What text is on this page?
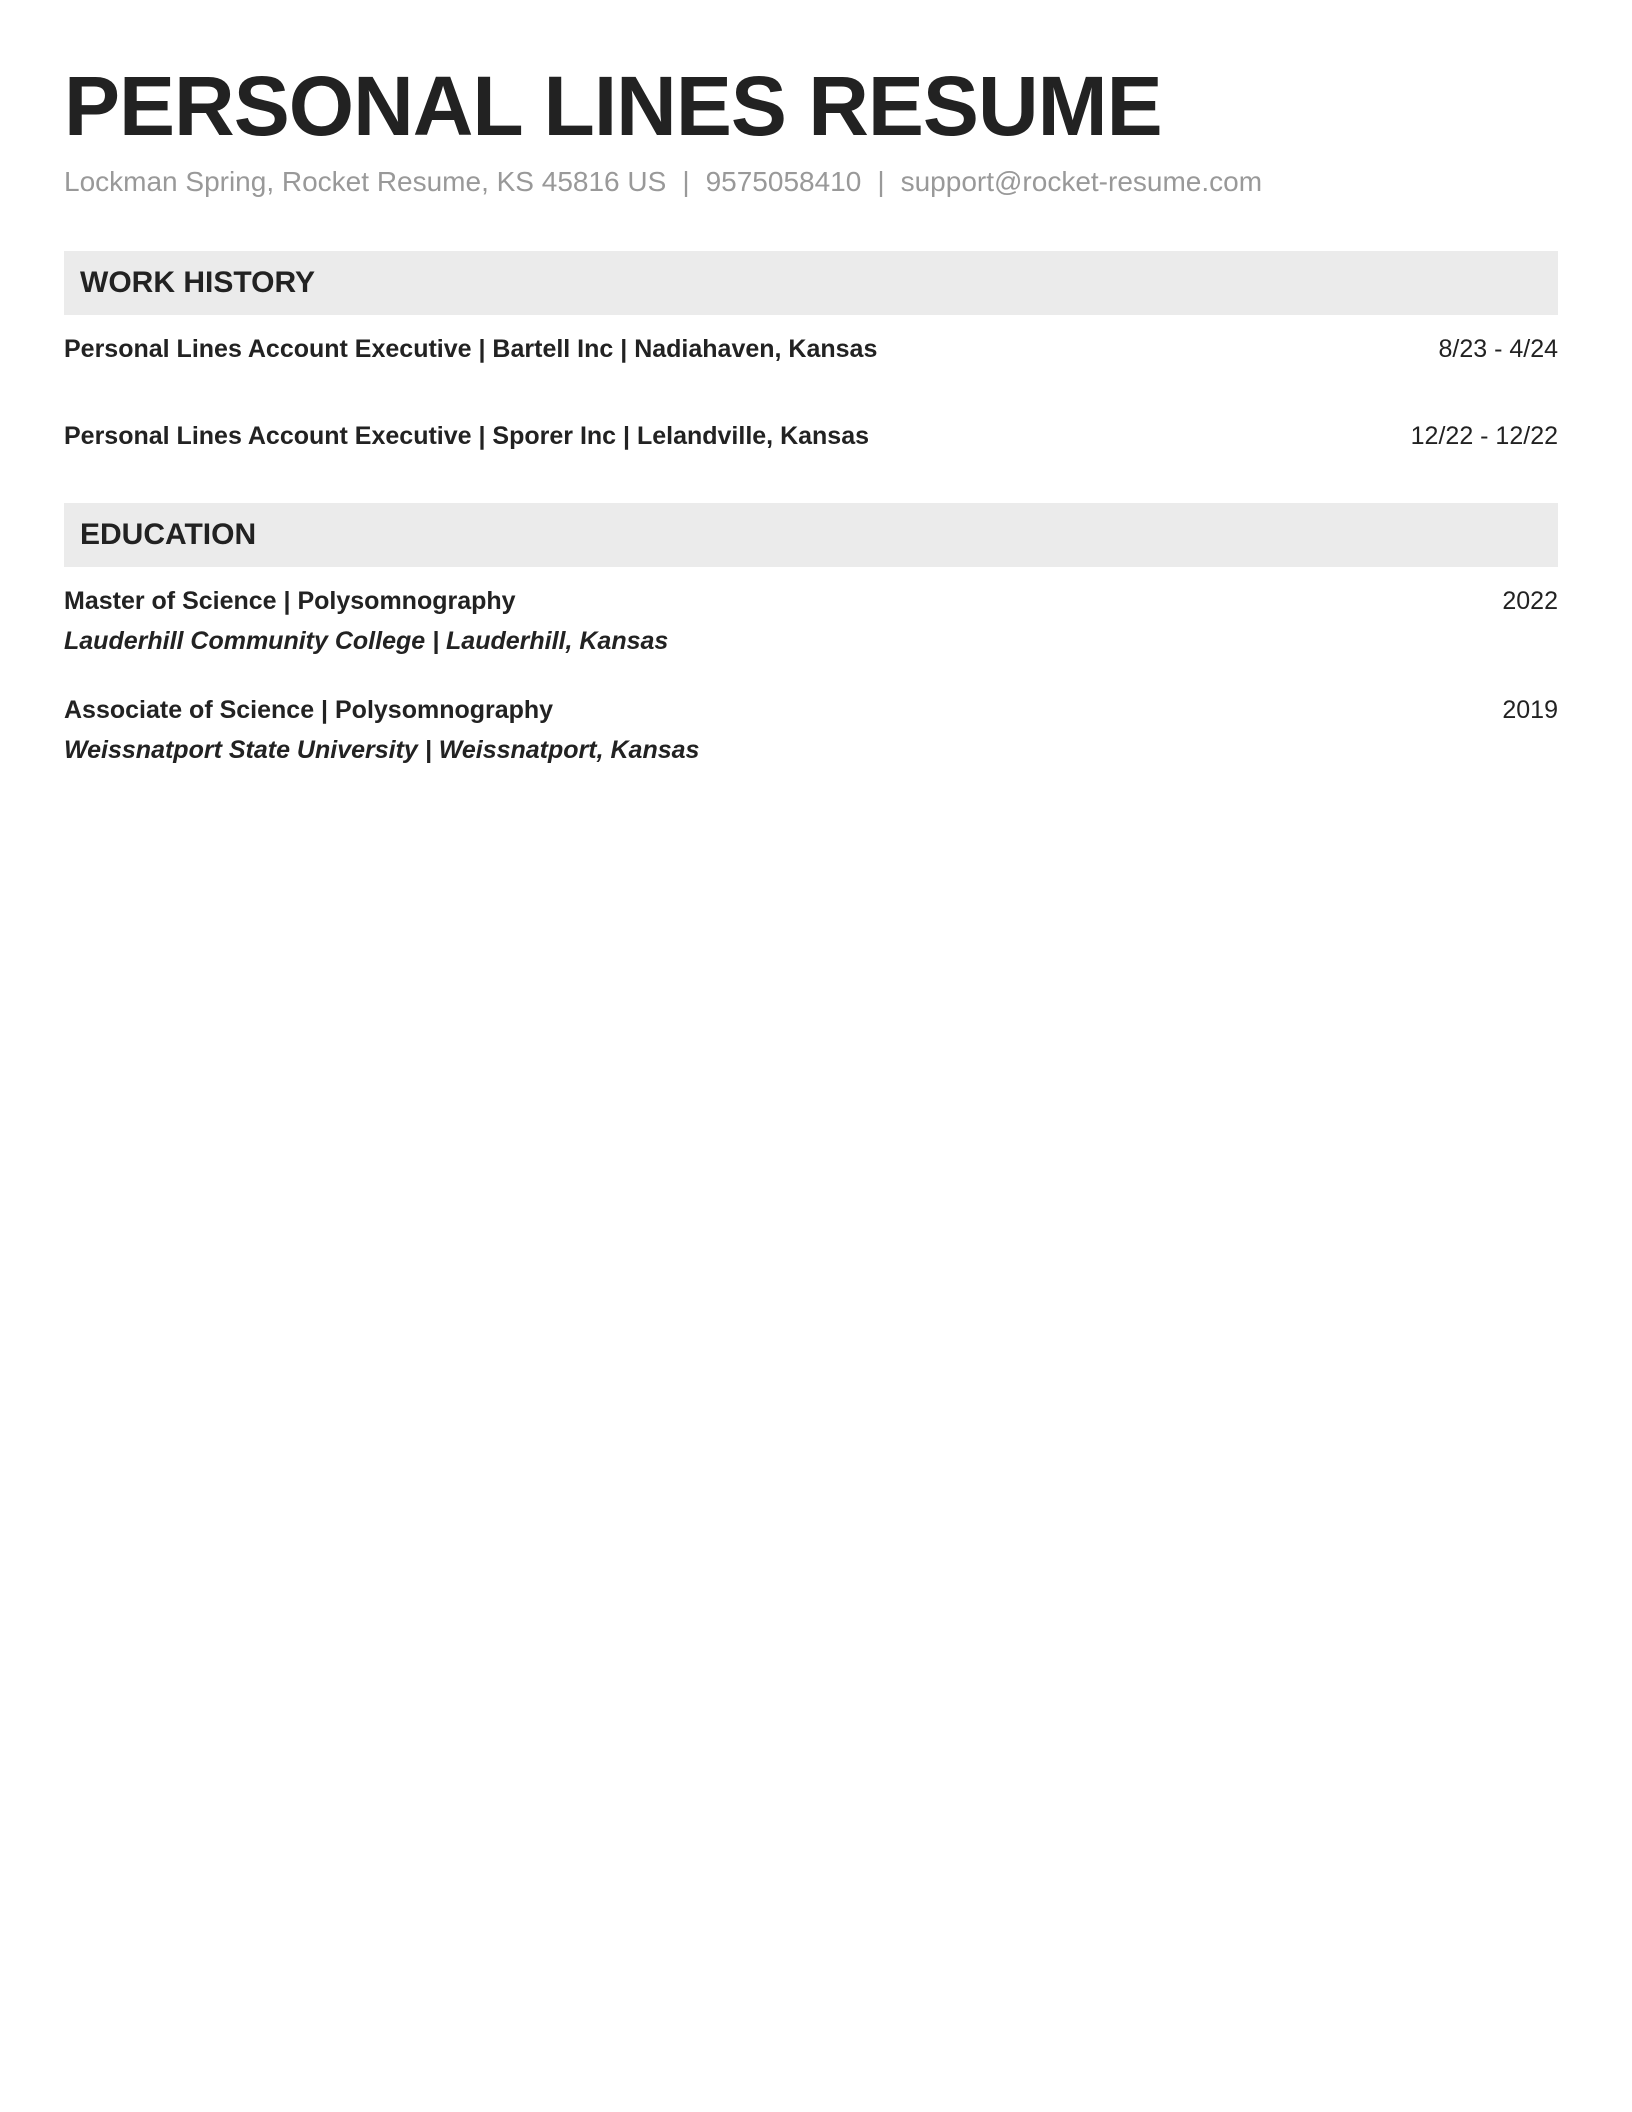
PERSONAL LINES RESUME
Lockman Spring, Rocket Resume, KS 45816 US | 9575058410 | support@rocket-resume.com
WORK HISTORY
Personal Lines Account Executive | Bartell Inc | Nadiahaven, Kansas	8/23 - 4/24
Personal Lines Account Executive | Sporer Inc | Lelandville, Kansas	12/22 - 12/22
EDUCATION
Master of Science | Polysomnography	2022
Lauderhill Community College | Lauderhill, Kansas
Associate of Science | Polysomnography	2019
Weissnatport State University | Weissnatport, Kansas
